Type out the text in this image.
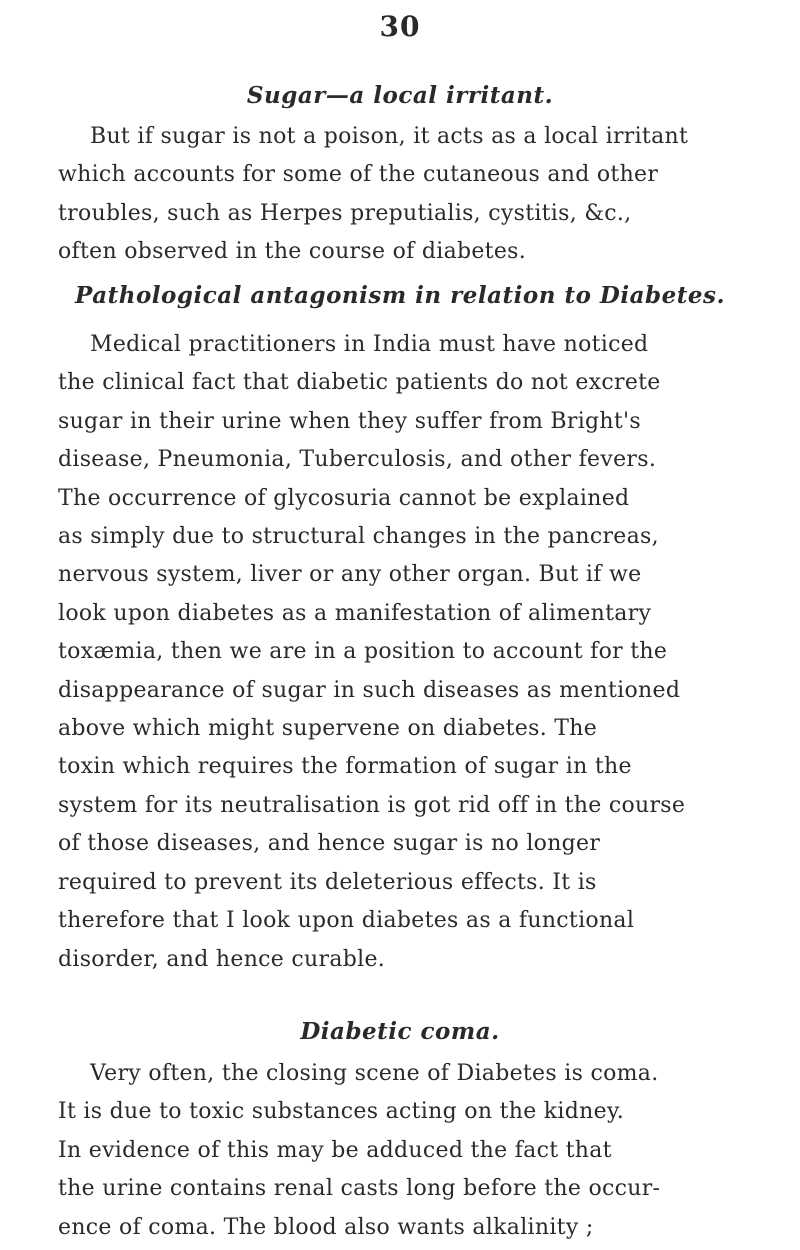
30
Sugar—a local irritant.
But if sugar is not a poison, it acts as a local irritant
which accounts for some of the cutaneous and other
troubles, such as Herpes preputialis, cystitis, &c.,
often observed in the course of diabetes.
Pathological antagonism in relation to Diabetes.
Medical practitioners in India must have noticed
the clinical fact that diabetic patients do not excrete
sugar in their urine when they suffer from Bright's
disease, Pneumonia, Tuberculosis, and other fevers.
The occurrence of glycosuria cannot be explained
as simply due to structural changes in the pancreas,
nervous system, liver or any other organ. But if we
look upon diabetes as a manifestation of alimentary
toxæmia, then we are in a position to account for the
disappearance of sugar in such diseases as mentioned
above which might supervene on diabetes. The
toxin which requires the formation of sugar in the
system for its neutralisation is got rid off in the course
of those diseases, and hence sugar is no longer
required to prevent its deleterious effects. It is
therefore that I look upon diabetes as a functional
disorder, and hence curable.
Diabetic coma.
Very often, the closing scene of Diabetes is coma.
It is due to toxic substances acting on the kidney.
In evidence of this may be adduced the fact that
the urine contains renal casts long before the occur-
ence of coma. The blood also wants alkalinity ;
